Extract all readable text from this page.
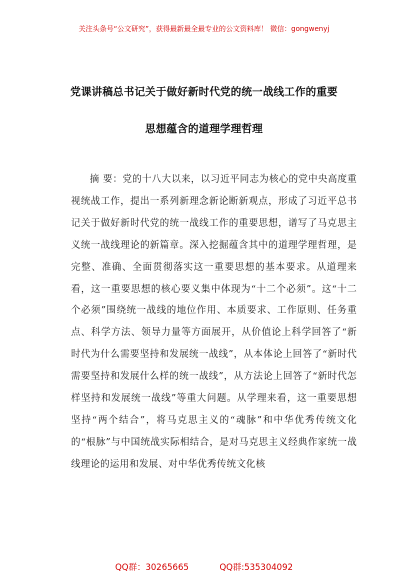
关注头条号“公文研究”，获得最新最全最专业的公文资料库！ 微信：gongwenyj
党课讲稿总书记关于做好新时代党的统一战线工作的重要
思想蕴含的道理学理哲理

摘 要：党的十八大以来，以习近平同志为核心的党中央高度重视统战工作，提出一系列新理念新论断新观点，形成了习近平总书记关于做好新时代党的统一战线工作的重要思想，谱写了马克思主义统一战线理论的新篇章。深入挖掘蕴含其中的道理学理哲理，是完整、准确、全面贯彻落实这一重要思想的基本要求。从道理来看，这一重要思想的核心要义集中体现为“十二个必须”。这“十二个必须”围绕统一战线的地位作用、本质要求、工作原则、任务重点、科学方法、领导力量等方面展开，从价值论上科学回答了“新时代为什么需要坚持和发展统一战线”，从本体论上回答了“新时代需要坚持和发展什么样的统一战线”，从方法论上回答了“新时代怎样坚持和发展统一战线”等重大问题。从学理来看，这一重要思想坚持“两个结合”，将马克思主义的“魂脉”和中华优秀传统文化的“根脉”与中国统战实际相结合，是对马克思主义经典作家统一战线理论的运用和发展、对中华优秀传统文化核

QQ群：30265665	QQ群:535304092
